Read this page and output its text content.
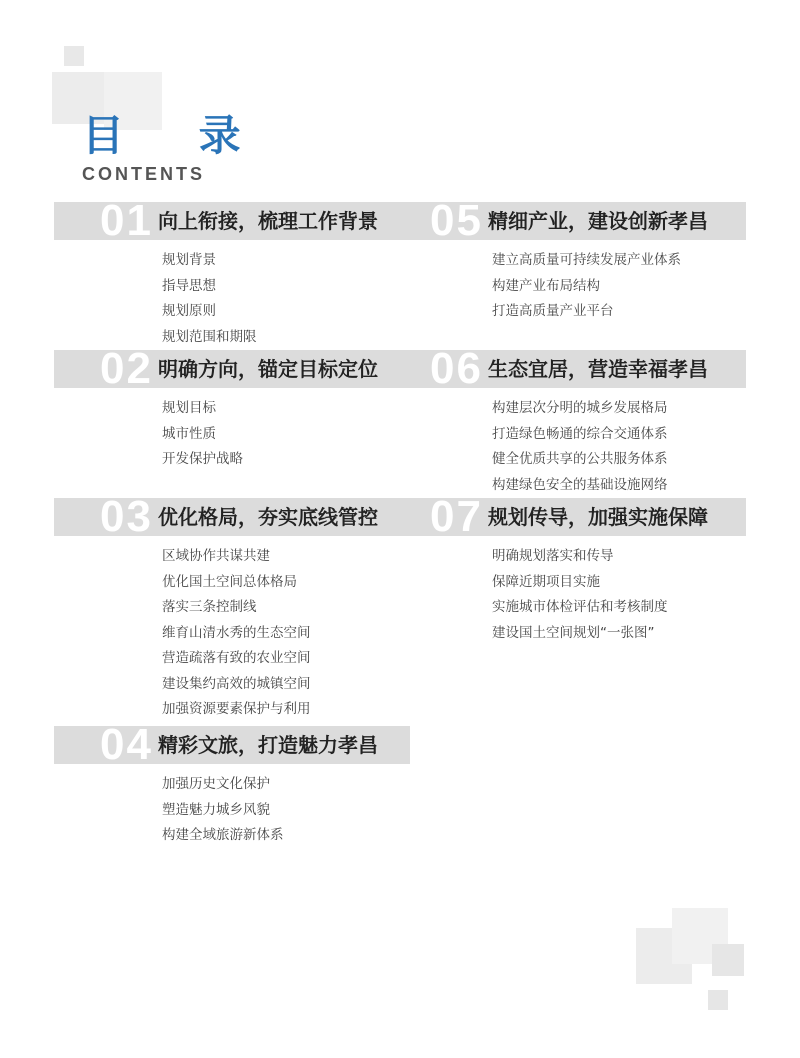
目 录
CONTENTS
01 向上衔接，梳理工作背景
规划背景
指导思想
规划原则
规划范围和期限
02 明确方向，锚定目标定位
规划目标
城市性质
开发保护战略
03 优化格局，夯实底线管控
区域协作共谋共建
优化国土空间总体格局
落实三条控制线
维育山清水秀的生态空间
营造疏落有致的农业空间
建设集约高效的城镇空间
加强资源要素保护与利用
04 精彩文旅，打造魅力孝昌
加强历史文化保护
塑造魅力城乡风貌
构建全域旅游新体系
05 精细产业，建设创新孝昌
建立高质量可持续发展产业体系
构建产业布局结构
打造高质量产业平台
06 生态宜居，营造幸福孝昌
构建层次分明的城乡发展格局
打造绿色畅通的综合交通体系
健全优质共享的公共服务体系
构建绿色安全的基础设施网络
07 规划传导，加强实施保障
明确规划落实和传导
保障近期项目实施
实施城市体检评估和考核制度
建设国土空间规划“一张图”
